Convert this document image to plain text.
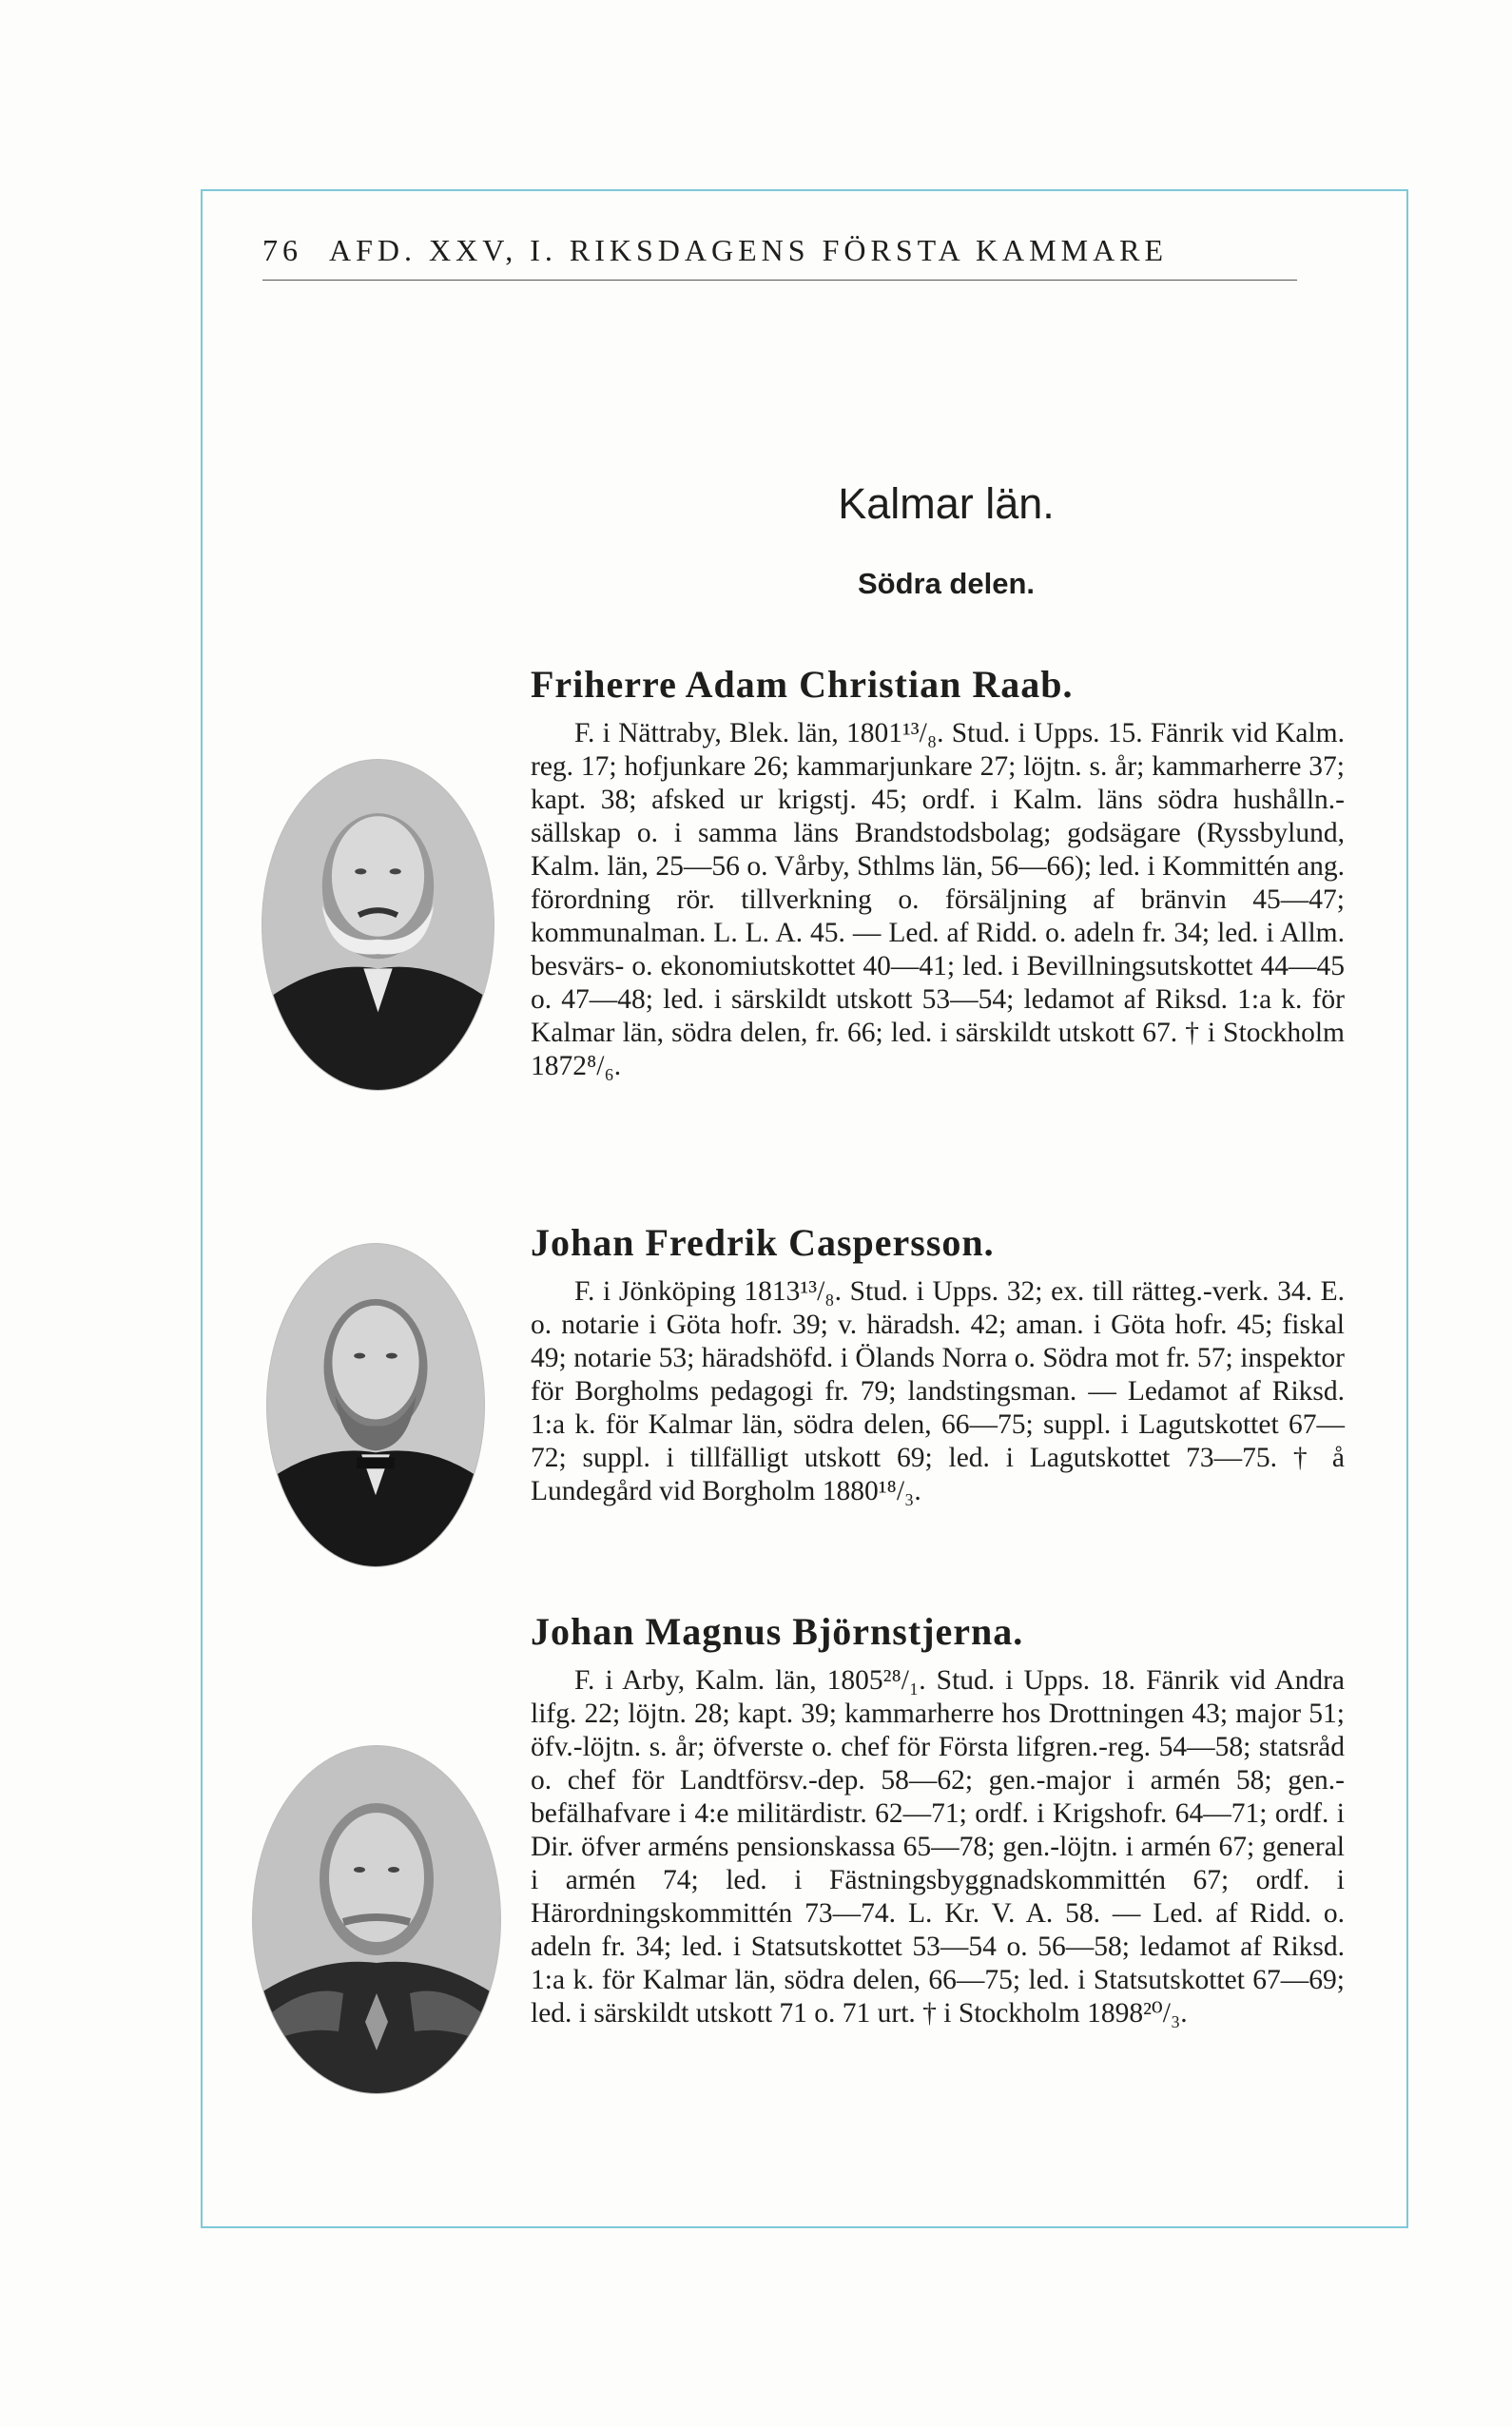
76 AFD. XXV, I. RIKSDAGENS FÖRSTA KAMMARE
Kalmar län.
Södra delen.
Friherre Adam Christian Raab.

F. i Nättraby, Blek. län, 1801¹³/₈. Stud. i Upps. 15. Fänrik vid Kalm. reg. 17; hofjunkare 26; kammarjunkare 27; löjtn. s. år; kammarherre 37; kapt. 38; afsked ur krigstj. 45; ordf. i Kalm. läns södra hushålln.-sällskap o. i samma läns Brandstodsbolag; godsägare (Ryssbylund, Kalm. län, 25—56 o. Vårby, Sthlms län, 56—66); led. i Kommittén ang. förordning rör. tillverkning o. försäljning af bränvin 45—47; kommunalman. L. L. A. 45. — Led. af Ridd. o. adeln fr. 34; led. i Allm. besvärs- o. ekonomiutskottet 40—41; led. i Bevillningsutskottet 44—45 o. 47—48; led. i särskildt utskott 53—54; ledamot af Riksd. 1:a k. för Kalmar län, södra delen, fr. 66; led. i särskildt utskott 67. † i Stockholm 1872⁸/₆.

Johan Fredrik Caspersson.

F. i Jönköping 1813¹³/₈. Stud. i Upps. 32; ex. till rätteg.-verk. 34. E. o. notarie i Göta hofr. 39; v. häradsh. 42; aman. i Göta hofr. 45; fiskal 49; notarie 53; häradshöfd. i Ölands Norra o. Södra mot fr. 57; inspektor för Borgholms pedagogi fr. 79; landstingsman. — Ledamot af Riksd. 1:a k. för Kalmar län, södra delen, 66—75; suppl. i Lagutskottet 67—72; suppl. i tillfälligt utskott 69; led. i Lagutskottet 73—75. † å Lundegård vid Borgholm 1880¹⁸/₃.

Johan Magnus Björnstjerna.

F. i Arby, Kalm. län, 1805²⁸/₁. Stud. i Upps. 18. Fänrik vid Andra lifg. 22; löjtn. 28; kapt. 39; kammarherre hos Drottningen 43; major 51; öfv.-löjtn. s. år; öfverste o. chef för Första lifgren.-reg. 54—58; statsråd o. chef för Landtförsv.-dep. 58—62; gen.-major i armén 58; gen.-befälhafvare i 4:e militärdistr. 62—71; ordf. i Krigshofr. 64—71; ordf. i Dir. öfver arméns pensionskassa 65—78; gen.-löjtn. i armén 67; general i armén 74; led. i Fästningsbyggnadskommittén 67; ordf. i Härordningskommittén 73—74. L. Kr. V. A. 58. — Led. af Ridd. o. adeln fr. 34; led. i Statsutskottet 53—54 o. 56—58; ledamot af Riksd. 1:a k. för Kalmar län, södra delen, 66—75; led. i Statsutskottet 67—69; led. i särskildt utskott 71 o. 71 urt. † i Stockholm 1898²⁰/₃.
